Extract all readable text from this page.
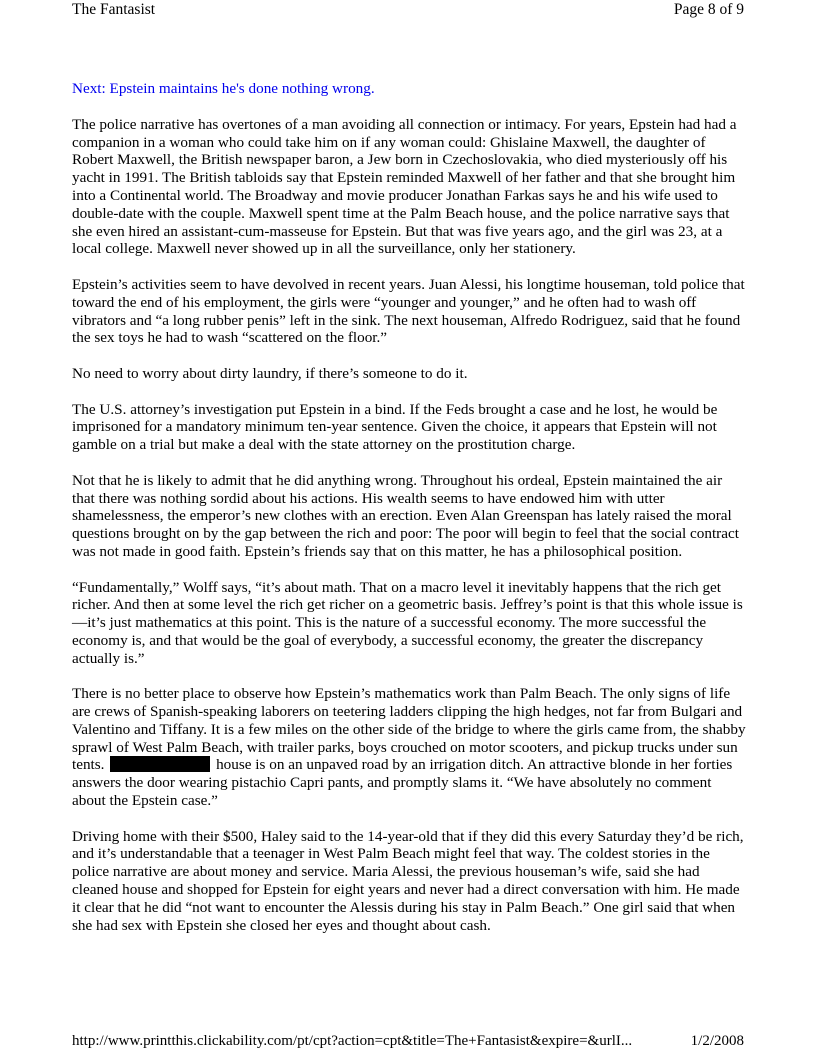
The Fantasist	Page 8 of 9
Next: Epstein maintains he's done nothing wrong.

The police narrative has overtones of a man avoiding all connection or intimacy. For years, Epstein had had a companion in a woman who could take him on if any woman could: Ghislaine Maxwell, the daughter of Robert Maxwell, the British newspaper baron, a Jew born in Czechoslovakia, who died mysteriously off his yacht in 1991. The British tabloids say that Epstein reminded Maxwell of her father and that she brought him into a Continental world. The Broadway and movie producer Jonathan Farkas says he and his wife used to double-date with the couple. Maxwell spent time at the Palm Beach house, and the police narrative says that she even hired an assistant-cum-masseuse for Epstein. But that was five years ago, and the girl was 23, at a local college. Maxwell never showed up in all the surveillance, only her stationery.

Epstein’s activities seem to have devolved in recent years. Juan Alessi, his longtime houseman, told police that toward the end of his employment, the girls were “younger and younger,” and he often had to wash off vibrators and “a long rubber penis” left in the sink. The next houseman, Alfredo Rodriguez, said that he found the sex toys he had to wash “scattered on the floor.”

No need to worry about dirty laundry, if there’s someone to do it.

The U.S. attorney’s investigation put Epstein in a bind. If the Feds brought a case and he lost, he would be imprisoned for a mandatory minimum ten-year sentence. Given the choice, it appears that Epstein will not gamble on a trial but make a deal with the state attorney on the prostitution charge.

Not that he is likely to admit that he did anything wrong. Throughout his ordeal, Epstein maintained the air that there was nothing sordid about his actions. His wealth seems to have endowed him with utter shamelessness, the emperor’s new clothes with an erection. Even Alan Greenspan has lately raised the moral questions brought on by the gap between the rich and poor: The poor will begin to feel that the social contract was not made in good faith. Epstein’s friends say that on this matter, he has a philosophical position.

“Fundamentally,” Wolff says, “it’s about math. That on a macro level it inevitably happens that the rich get richer. And then at some level the rich get richer on a geometric basis. Jeffrey’s point is that this whole issue is—it’s just mathematics at this point. This is the nature of a successful economy. The more successful the economy is, and that would be the goal of everybody, a successful economy, the greater the discrepancy actually is.”

There is no better place to observe how Epstein’s mathematics work than Palm Beach. The only signs of life are crews of Spanish-speaking laborers on teetering ladders clipping the high hedges, not far from Bulgari and Valentino and Tiffany. It is a few miles on the other side of the bridge to where the girls came from, the shabby sprawl of West Palm Beach, with trailer parks, boys crouched on motor scooters, and pickup trucks under sun tents.	house is on an unpaved road by an irrigation ditch. An attractive blonde in her forties answers the door wearing pistachio Capri pants, and promptly slams it. “We have absolutely no comment about the Epstein case.”

Driving home with their $500, Haley said to the 14-year-old that if they did this every Saturday they’d be rich, and it’s understandable that a teenager in West Palm Beach might feel that way. The coldest stories in the police narrative are about money and service. Maria Alessi, the previous houseman’s wife, said she had cleaned house and shopped for Epstein for eight years and never had a direct conversation with him. He made it clear that he did “not want to encounter the Alessis during his stay in Palm Beach.” One girl said that when she had sex with Epstein she closed her eyes and thought about cash.

http://www.printthis.clickability.com/pt/cpt?action=cpt&title=The+Fantasist&expire=&urlI...	1/2/2008
